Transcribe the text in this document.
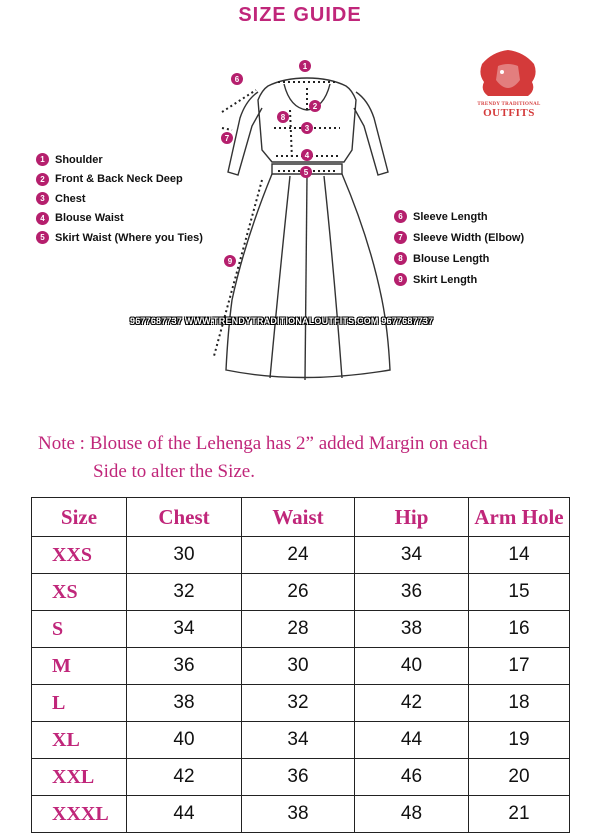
SIZE GUIDE
1
2
3
4
5
6
7
8
9
9677687737 WWW.TRENDYTRADITIONALOUTFITS.COM 9677687737
TRENDY TRADITIONAL
OUTFITS
1 Shoulder
2 Front & Back Neck Deep
3 Chest
4 Blouse Waist
5 Skirt Waist (Where you Ties)
6 Sleeve Length
7 Sleeve Width (Elbow)
8 Blouse Length
9 Skirt Length
Note : Blouse of the Lehenga has 2” added Margin on each
Side to alter the Size.
Size	Chest	Waist	Hip	Arm Hole
XXS	30	24	34	14
XS	32	26	36	15
S	34	28	38	16
M	36	30	40	17
L	38	32	42	18
XL	40	34	44	19
XXL	42	36	46	20
XXXL	44	38	48	21
